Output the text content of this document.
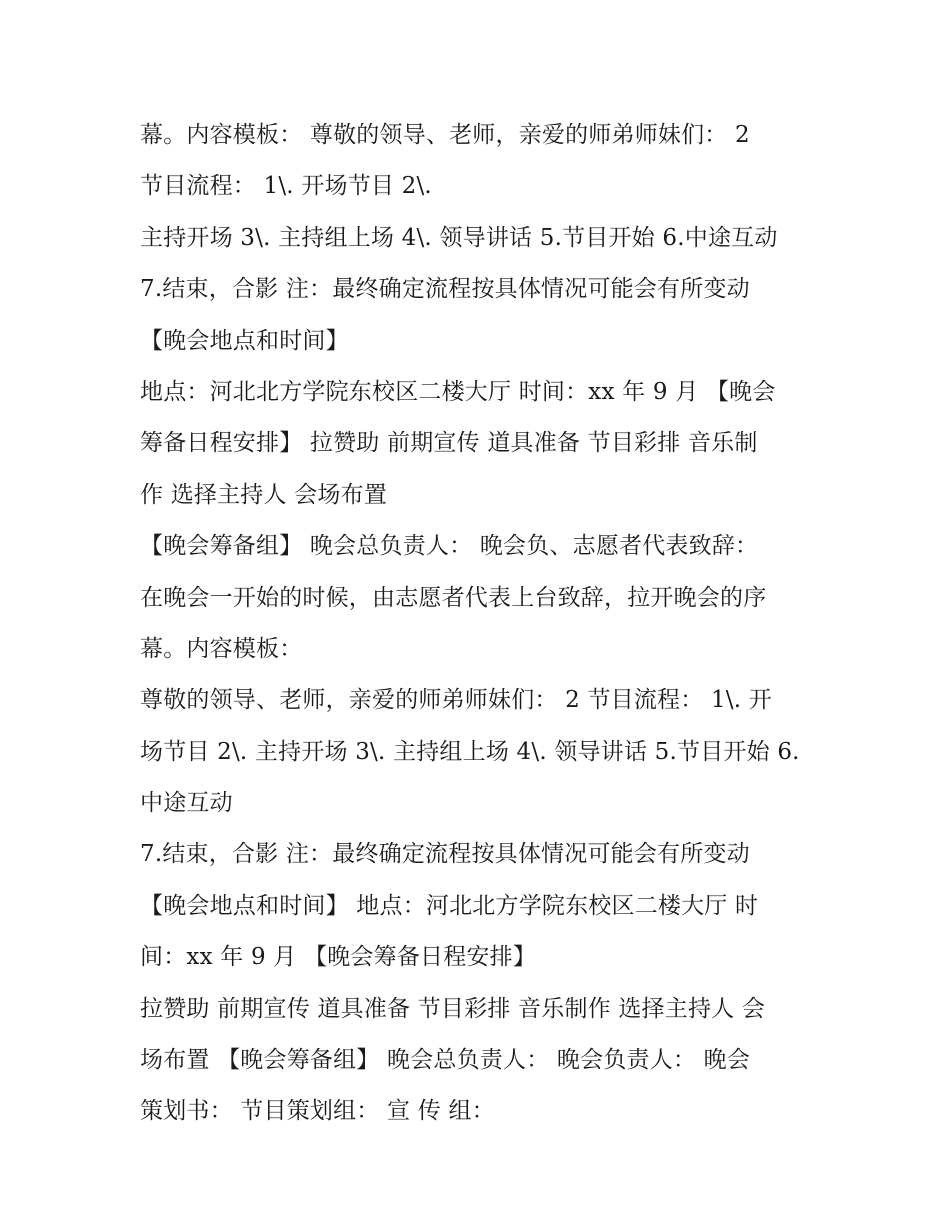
幕。内容模板： 尊敬的领导、老师，亲爱的师弟师妹们： 2
节目流程： 1\. 开场节目 2\.
主持开场 3\. 主持组上场 4\. 领导讲话 5.节目开始 6.中途互动
7.结束，合影 注：最终确定流程按具体情况可能会有所变动
【晚会地点和时间】
地点：河北北方学院东校区二楼大厅 时间：xx 年 9 月 【晚会
筹备日程安排】 拉赞助 前期宣传 道具准备 节目彩排 音乐制
作 选择主持人 会场布置
【晚会筹备组】 晚会总负责人： 晚会负、志愿者代表致辞：
在晚会一开始的时候，由志愿者代表上台致辞，拉开晚会的序
幕。内容模板：
尊敬的领导、老师，亲爱的师弟师妹们： 2 节目流程： 1\. 开
场节目 2\. 主持开场 3\. 主持组上场 4\. 领导讲话 5.节目开始 6.
中途互动
7.结束，合影 注：最终确定流程按具体情况可能会有所变动
【晚会地点和时间】 地点：河北北方学院东校区二楼大厅 时
间：xx 年 9 月 【晚会筹备日程安排】
拉赞助 前期宣传 道具准备 节目彩排 音乐制作 选择主持人 会
场布置 【晚会筹备组】 晚会总负责人： 晚会负责人： 晚会
策划书： 节目策划组： 宣 传 组：
